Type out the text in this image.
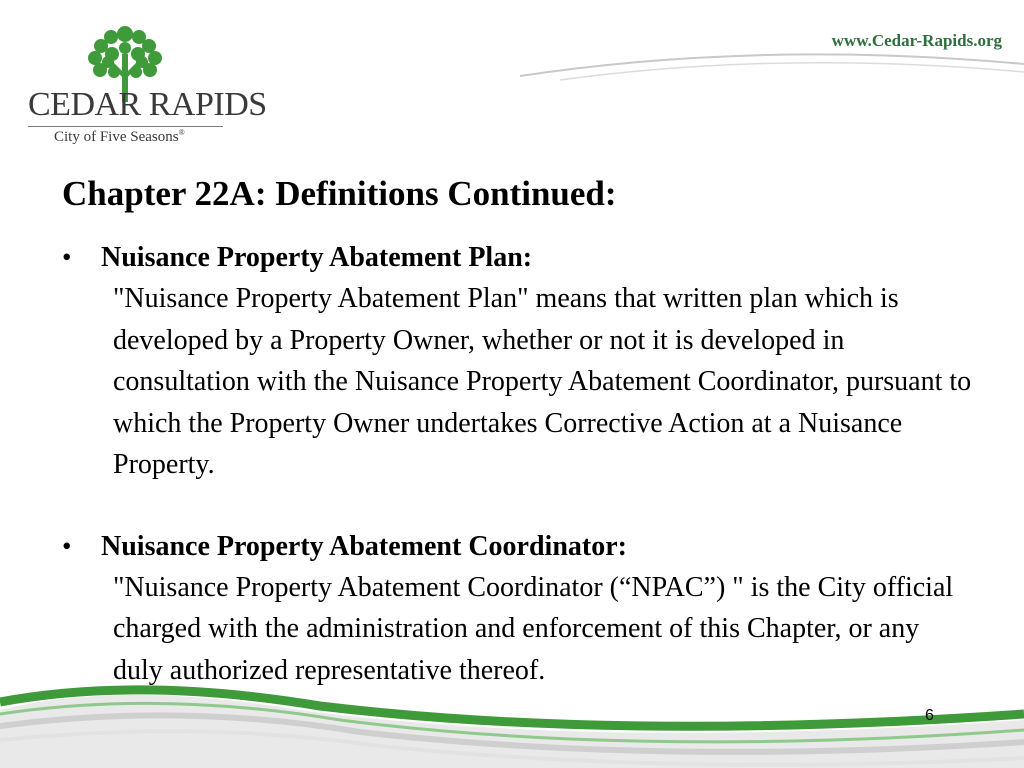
CEDAR RAPIDS
City of Five Seasons®
www.Cedar-Rapids.org
Chapter 22A: Definitions Continued:
• Nuisance Property Abatement Plan:
"Nuisance Property Abatement Plan" means that written plan which is developed by a Property Owner, whether or not it is developed in consultation with the Nuisance Property Abatement Coordinator, pursuant to which the Property Owner undertakes Corrective Action at a Nuisance Property.
• Nuisance Property Abatement Coordinator:
"Nuisance Property Abatement Coordinator (“NPAC”) " is the City official charged with the administration and enforcement of this Chapter, or any duly authorized representative thereof.
6
